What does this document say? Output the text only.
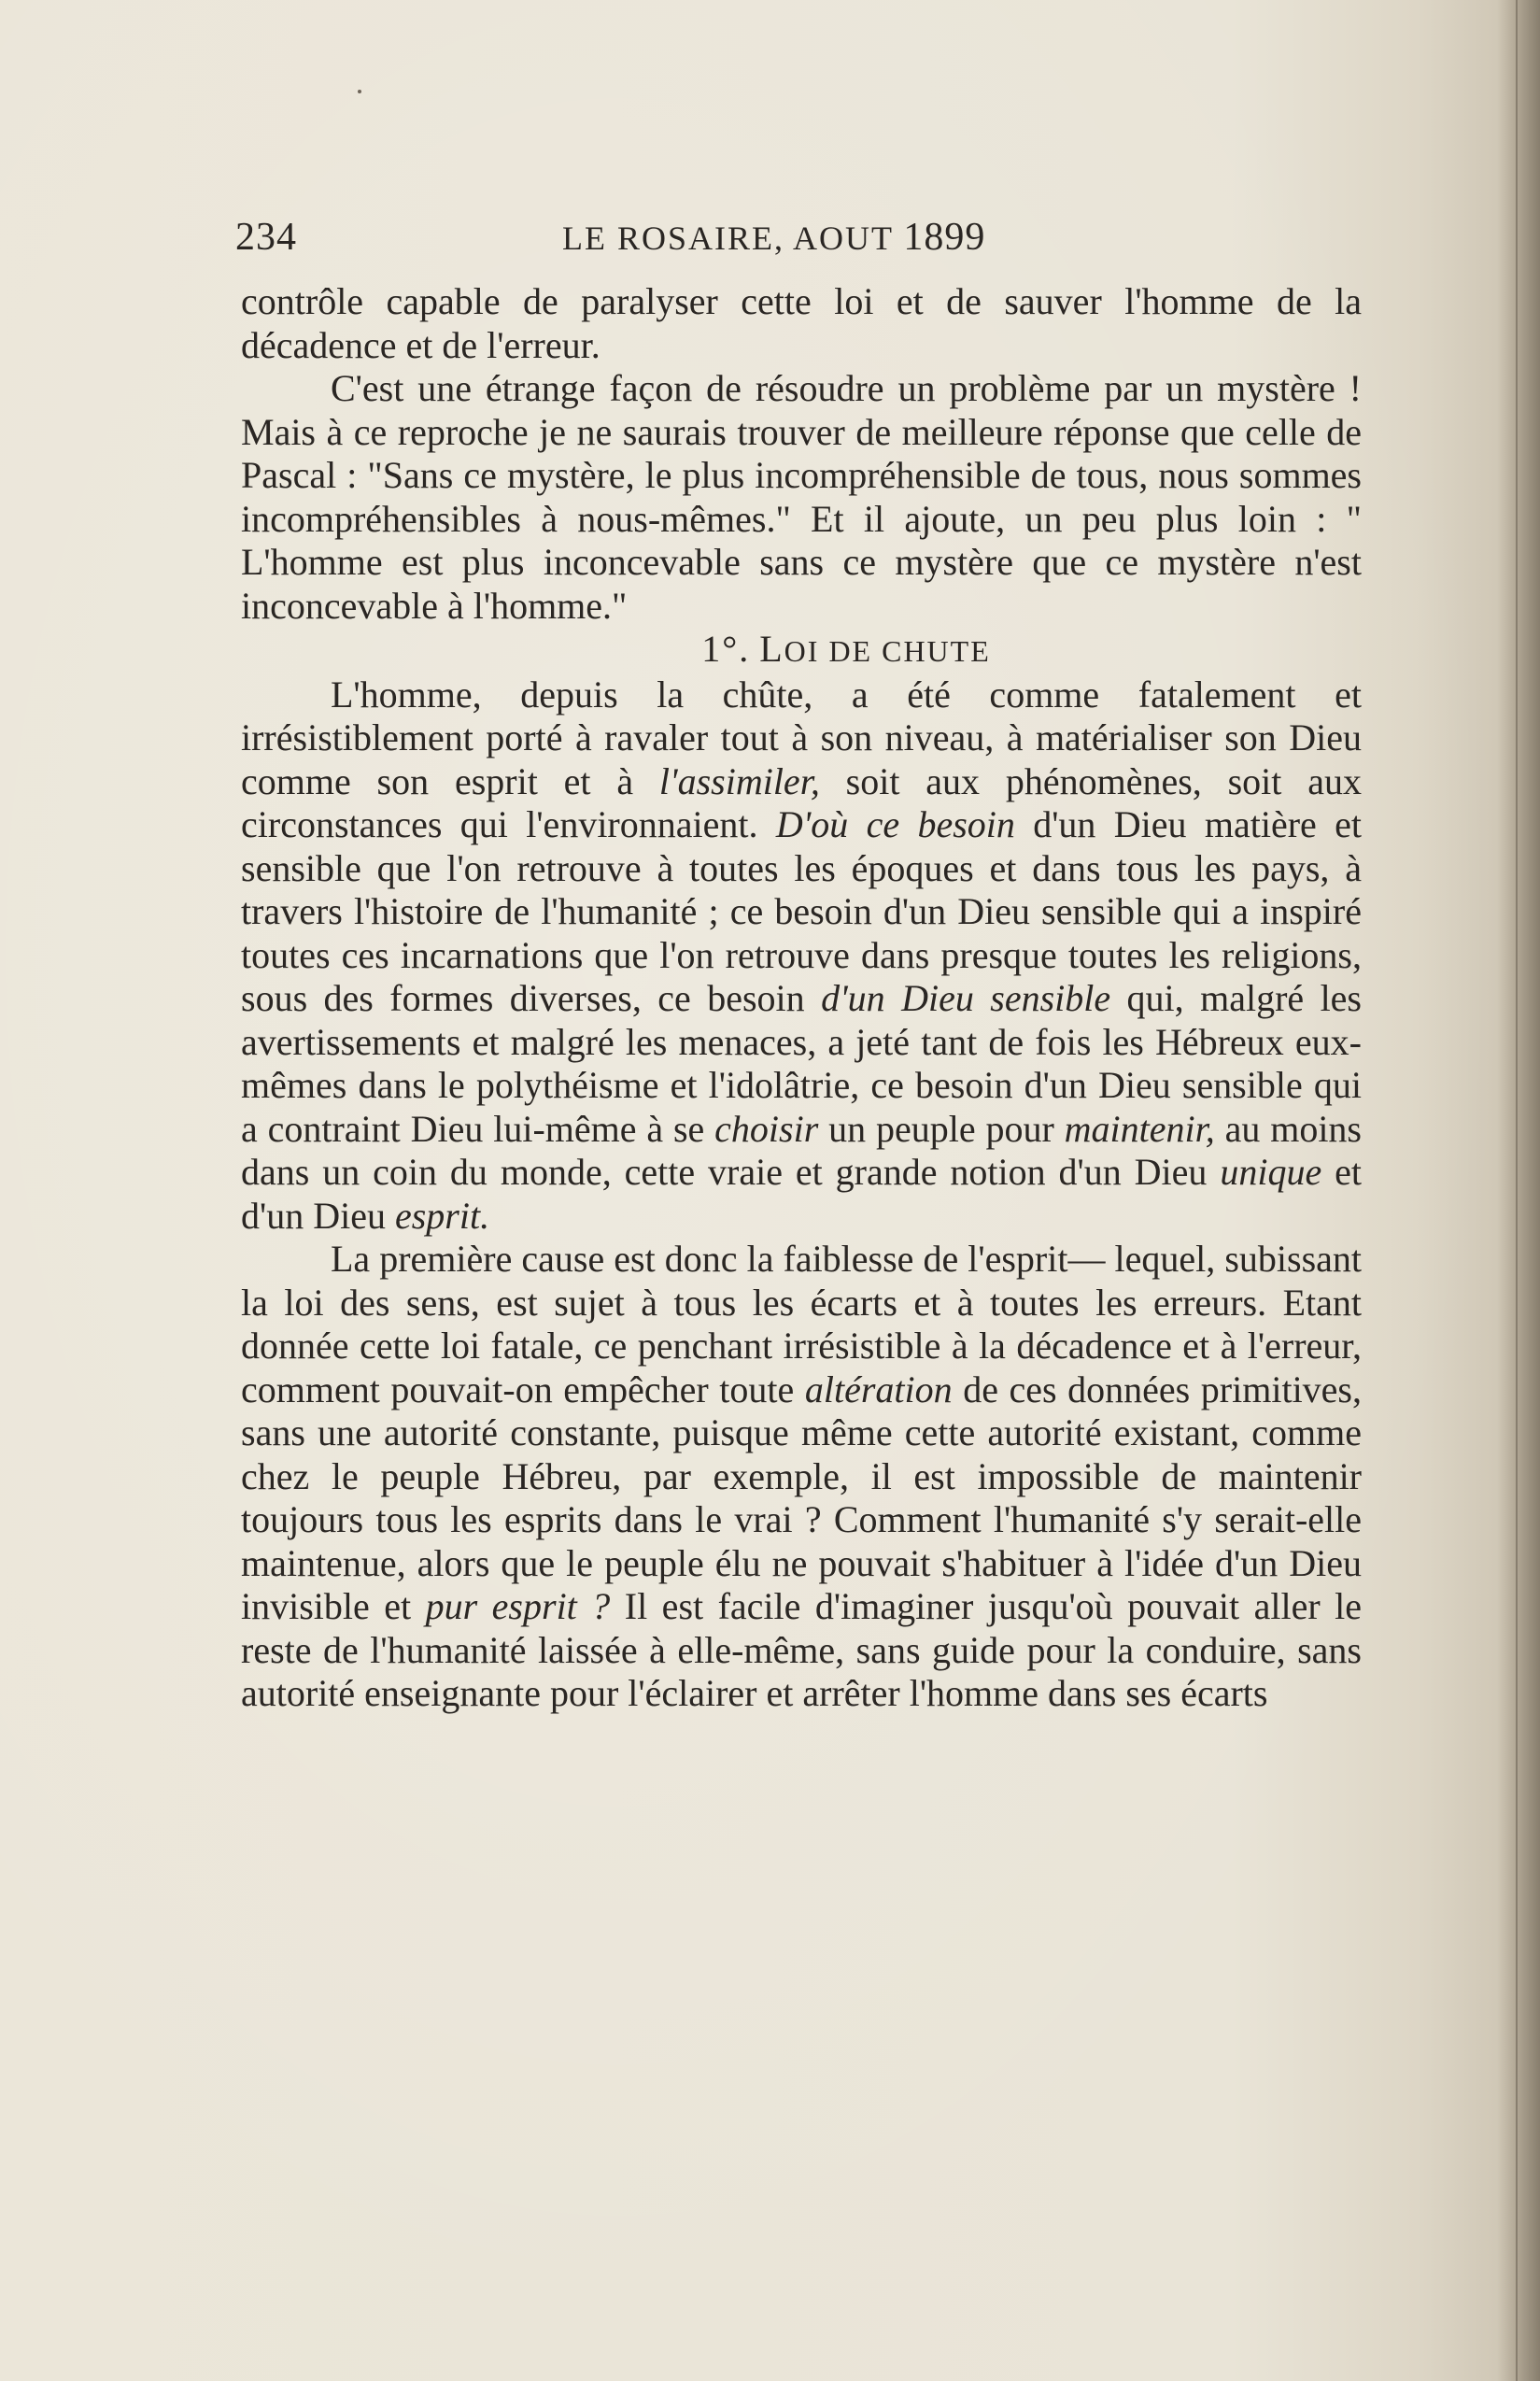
234	LE ROSAIRE, AOUT 1899

contrôle capable de paralyser cette loi et de sauver l'homme de la décadence et de l'erreur.

C'est une étrange façon de résoudre un problème par un mystère ! Mais à ce reproche je ne saurais trouver de meilleure réponse que celle de Pascal : "Sans ce mystère, le plus incompréhensible de tous, nous sommes incompréhensibles à nous-mêmes." Et il ajoute, un peu plus loin : " L'homme est plus inconcevable sans ce mystère que ce mystère n'est inconcevable à l'homme."

1°. LOI DE CHUTE

L'homme, depuis la chûte, a été comme fatalement et irrésistiblement porté à ravaler tout à son niveau, à matérialiser son Dieu comme son esprit et à l'assimiler, soit aux phénomènes, soit aux circonstances qui l'environnaient. D'où ce besoin d'un Dieu matière et sensible que l'on retrouve à toutes les époques et dans tous les pays, à travers l'histoire de l'humanité ; ce besoin d'un Dieu sensible qui a inspiré toutes ces incarnations que l'on retrouve dans presque toutes les religions, sous des formes diverses, ce besoin d'un Dieu sensible qui, malgré les avertissements et malgré les menaces, a jeté tant de fois les Hébreux eux-mêmes dans le polythéisme et l'idolâtrie, ce besoin d'un Dieu sensible qui a contraint Dieu lui-même à se choisir un peuple pour maintenir, au moins dans un coin du monde, cette vraie et grande notion d'un Dieu unique et d'un Dieu esprit.

La première cause est donc la faiblesse de l'esprit— lequel, subissant la loi des sens, est sujet à tous les écarts et à toutes les erreurs. Etant donnée cette loi fatale, ce penchant irrésistible à la décadence et à l'erreur, comment pouvait-on empêcher toute altération de ces données primitives, sans une autorité constante, puisque même cette autorité existant, comme chez le peuple Hébreu, par exemple, il est impossible de maintenir toujours tous les esprits dans le vrai ? Comment l'humanité s'y serait-elle maintenue, alors que le peuple élu ne pouvait s'habituer à l'idée d'un Dieu invisible et pur esprit ? Il est facile d'imaginer jusqu'où pouvait aller le reste de l'humanité laissée à elle-même, sans guide pour la conduire, sans autorité enseignante pour l'éclairer et arrêter l'homme dans ses écarts
